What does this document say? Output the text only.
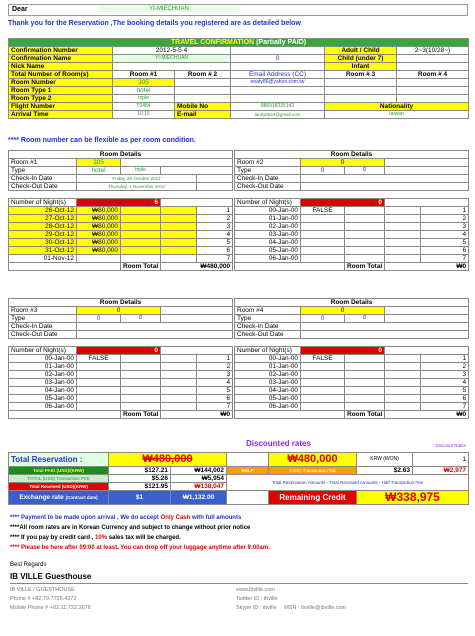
Dear	YI-MIECHUAN
Thank you for the Reservation ,The booking details you registered are as detailed below
TRAVEL CONFIRMATION (Partially PAID)					
Confirmation Number	2012-5-5 4			Adult / Child	2~3(10/28~)
Confirmation Name	YI-MIECHUAN		0	Child (under 7)	
Nick Name				Infant	
Total Number of Room(s)	Room #1	Room # 2	Email Address (CC)	Room # 3	Room # 4
Room Number	305		enaty86@yahoo.com.tw		
Room Type 1	hotel				
Room Type 2	triple				
Flight Number	T0484	Mobile No	886918235142	Nationality	
Arrival Time	16:15	E-mail	landy0523@gmail.com	taiwan	
**** Room number can be flexible as per room condition.
Room Details				
Room #1	305			
Type	hotel	triple		
Check-In Date	Friday, 26 October 2012			
Check-Out Date	Thursday, 1 November 2012			

Number of Night(s)	6			
26-Oct-12	₩80,000			1
27-Oct-12	₩80,000			2
28-Oct-12	₩80,000			3
29-Oct-12	₩80,000			4
30-Oct-12	₩80,000			5
31-Oct-12	₩80,000			6
01-Nov-12				7
		Room Total	₩480,000	
Room Details				
Room #2	0			
Type	0	0		
Check-In Date				
Check-Out Date				

Number of Night(s)	0			
00-Jan-00	FALSE			1
01-Jan-00				2
02-Jan-00				3
03-Jan-00				4
04-Jan-00				5
05-Jan-00				6
06-Jan-00				7
		Room Total	₩0	
Room Details				
Room #3	0			
Type	0	0		
Check-In Date				
Check-Out Date				

Number of Night(s)	0			
00-Jan-00	FALSE			1
01-Jan-00				2
02-Jan-00				3
03-Jan-00				4
04-Jan-00				5
05-Jan-00				6
06-Jan-00				7
		Room Total	₩0	
Room Details				
Room #4	0			
Type	0	0		
Check-In Date				
Check-Out Date				

Number of Night(s)	0			
00-Jan-00	FALSE			1
01-Jan-00				2
02-Jan-00				3
03-Jan-00				4
04-Jan-00				5
05-Jan-00				6
06-Jan-00				7
		Room Total	₩0	
Discounted rates	Discount Rates
Total Reservation :	₩480,000			₩480,000	KRW (WON)	1
Total PAID (USD)/(KRW)	$127.21	₩144,002	HALF	(USD) Transaction FEE	$2.63	₩2,977
TOTAL (USD) Transaction FEE	$5.26	₩5,954	Total Reservation Amounts - Total Received Amounts - Half Transaction Fee			
Total Received (USD)(KRW)	$121.95	₩138,047				
Exchange rate (Contract date)	$1	₩1,132.00		Remaining Credit	₩338,975	
**** Payment to be made upon arrival , We do accept Only Cash with full amounts
****All room rates are in Korean Currency and subject to change without prior notice
**** If you pay by credit card , 10% sales tax will be charged.
**** Please be here after 09:00 at least, You can drop off your luggage anytime after 9:00am.
Best Regards
IB VILLE Guesthouse
IB VILLE / GUESTHOUSE
Phone # +82.70.7725.4372
Mobile Phone # +82.11.722.3676
www.ibville.com
Twitter ID : ibville
Skype ID : ibville MSN : ibville@ibville.com
